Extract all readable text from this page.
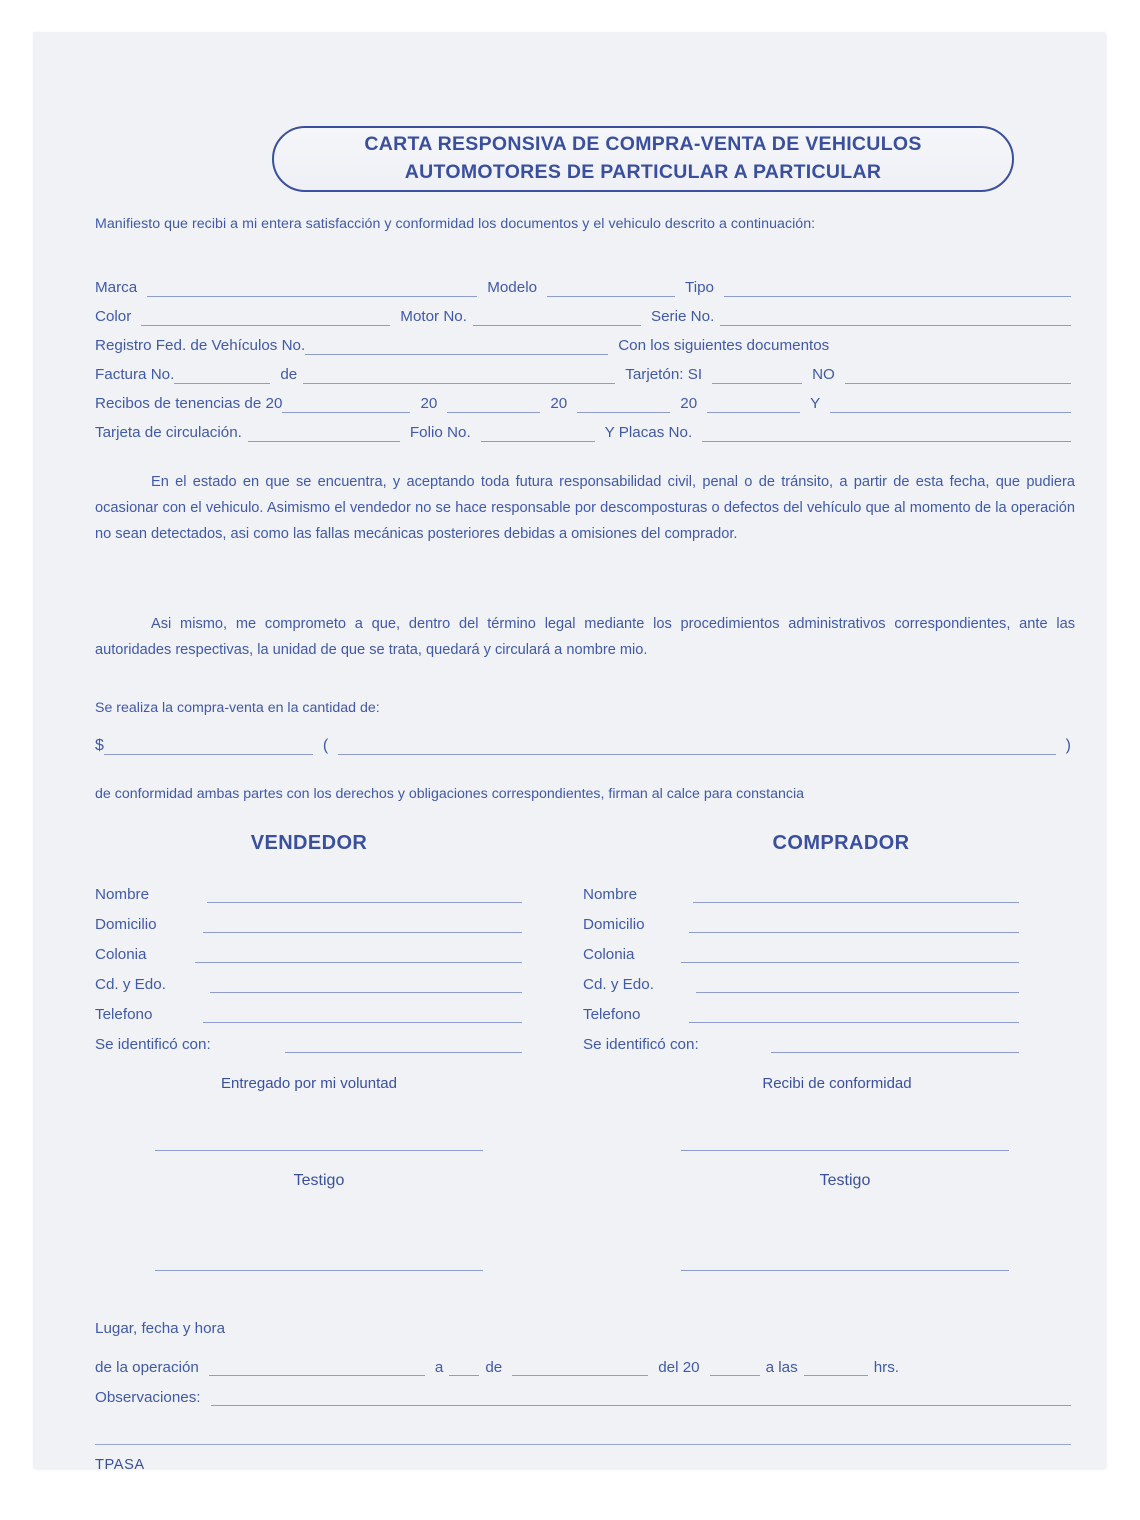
CARTA RESPONSIVA DE COMPRA-VENTA DE VEHICULOS
AUTOMOTORES DE PARTICULAR A PARTICULAR
Manifiesto que recibi a mi entera satisfacción y conformidad los documentos y el vehiculo descrito a continuación:
Marca	Modelo	Tipo
Color	Motor No.	Serie No.
Registro Fed. de Vehículos No.	Con los siguientes documentos
Factura No.	de	Tarjetón: SI	NO
Recibos de tenencias de 20	20	20	20	Y
Tarjeta de circulación.	Folio No.	Y Placas No.
En el estado en que se encuentra, y aceptando toda futura responsabilidad civil, penal o de tránsito, a partir de esta fecha, que pudiera ocasionar con el vehiculo. Asimismo el vendedor no se hace responsable por descomposturas o defectos del vehículo que al momento de la operación no sean detectados, asi como las fallas mecánicas posteriores debidas a omisiones del comprador.
Asi mismo, me comprometo a que, dentro del término legal mediante los procedimientos administrativos correspondientes, ante las autoridades respectivas, la unidad de que se trata, quedará y circulará a nombre mio.
Se realiza la compra-venta en la cantidad de:
$	(	)
de conformidad ambas partes con los derechos y obligaciones correspondientes, firman al calce para constancia
VENDEDOR
Nombre
Domicilio
Colonia
Cd. y Edo.
Telefono
Se identificó con:
Entregado por mi voluntad
COMPRADOR
Nombre
Domicilio
Colonia
Cd. y Edo.
Telefono
Se identificó con:
Recibi de conformidad
Testigo	Testigo
Lugar, fecha y hora
de la operación	a	de	del 20	a las	hrs.
Observaciones:
TPASA
